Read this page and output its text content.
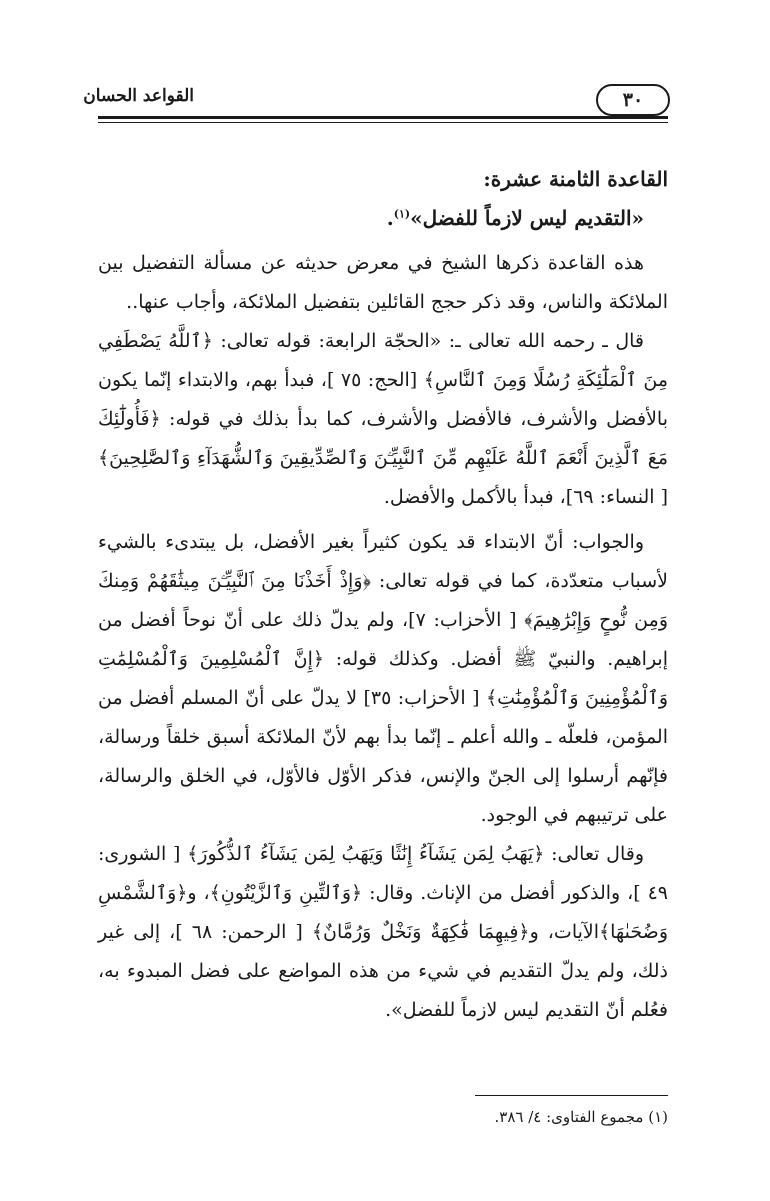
القواعد الحسان	٣٠

القاعدة الثامنة عشرة:

«التقديم ليس لازماً للفضل»$^{(١)}$.

هذه القاعدة ذكرها الشيخ في معرض حديثه عن مسألة التفضيل بين الملائكة والناس، وقد ذكر حجج القائلين بتفضيل الملائكة، وأجاب عنها..

قال ـ رحمه الله تعالى ـ: «الحجّة الرابعة: قوله تعالى: ﴿ٱللَّهُ يَصْطَفِي مِنَ ٱلْمَلَٰٓئِكَةِ رُسُلًا وَمِنَ ٱلنَّاسِ﴾ [الحج: ٧٥ ]، فبدأ بهم، والابتداء إنّما يكون بالأفضل والأشرف، فالأفضل والأشرف، كما بدأ بذلك في قوله: ﴿فَأُولَٰٓئِكَ مَعَ ٱلَّذِينَ أَنْعَمَ ٱللَّهُ عَلَيْهِم مِّنَ ٱلنَّبِيِّـۧنَ وَٱلصِّدِّيقِينَ وَٱلشُّهَدَآءِ وَٱلصَّٰلِحِينَ﴾ [ النساء: ٦٩]، فبدأ بالأكمل والأفضل.

والجواب: أنّ الابتداء قد يكون كثيراً بغير الأفضل، بل يبتدىء بالشيء لأسباب متعدّدة، كما في قوله تعالى: ﴿وَإِذْ أَخَذْنَا مِنَ ٱلنَّبِيِّـۧنَ مِيثَٰقَهُمْ وَمِنكَ وَمِن نُّوحٍ وَإِبْرَٰهِيمَ﴾ [ الأحزاب: ٧]، ولم يدلّ ذلك على أنّ نوحاً أفضل من إبراهيم. والنبيّ ﷺ أفضل. وكذلك قوله: ﴿إِنَّ ٱلْمُسْلِمِينَ وَٱلْمُسْلِمَٰتِ وَٱلْمُؤْمِنِينَ وَٱلْمُؤْمِنَٰتِ﴾ [ الأحزاب: ٣٥] لا يدلّ على أنّ المسلم أفضل من المؤمن، فلعلّه ـ والله أعلم ـ إنّما بدأ بهم لأنّ الملائكة أسبق خلقاً ورسالة، فإنّهم أرسلوا إلى الجنّ والإنس، فذكر الأوّل فالأوّل، في الخلق والرسالة، على ترتيبهم في الوجود.

وقال تعالى: ﴿يَهَبُ لِمَن يَشَآءُ إِنَٰثًا وَيَهَبُ لِمَن يَشَآءُ ٱلذُّكُورَ﴾ [ الشورى: ٤٩ ]، والذكور أفضل من الإناث. وقال: ﴿وَٱلتِّينِ وَٱلزَّيْتُونِ﴾، و﴿وَٱلشَّمْسِ وَضُحَىٰهَا﴾الآيات، و﴿فِيهِمَا فَٰكِهَةٌ وَنَخْلٌ وَرُمَّانٌ﴾ [ الرحمن: ٦٨ ]، إلى غير ذلك، ولم يدلّ التقديم في شيء من هذه المواضع على فضل المبدوء به، فعُلم أنّ التقديم ليس لازماً للفضل».

(١) مجموع الفتاوى: ٤/ ٣٨٦.
